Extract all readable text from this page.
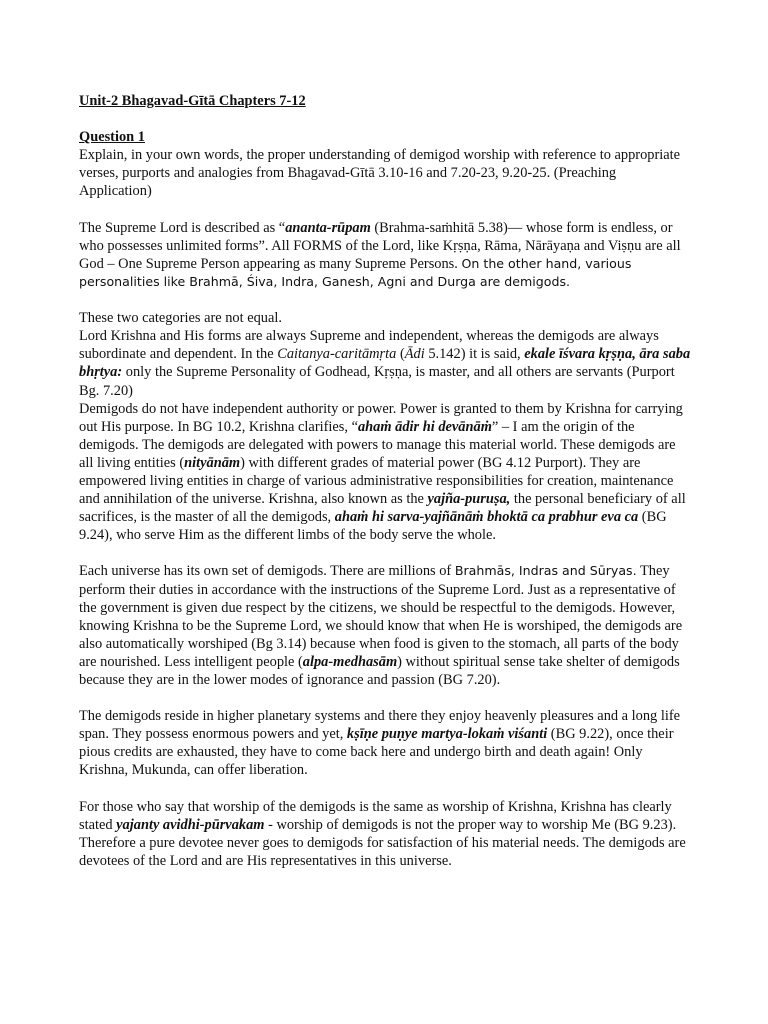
Unit-2 Bhagavad-Gītā Chapters 7-12

Question 1

Explain, in your own words, the proper understanding of demigod worship with reference to appropriate verses, purports and analogies from Bhagavad-Gītā 3.10-16 and 7.20-23, 9.20-25. (Preaching Application)

The Supreme Lord is described as “ananta-rūpam (Brahma-saṁhitā 5.38)— whose form is endless, or who possesses unlimited forms”. All FORMS of the Lord, like Kṛṣṇa, Rāma, Nārāyaṇa and Viṣṇu are all God – One Supreme Person appearing as many Supreme Persons. On the other hand, various personalities like Brahmā, Śiva, Indra, Ganesh, Agni and Durga are demigods.

These two categories are not equal.

Lord Krishna and His forms are always Supreme and independent, whereas the demigods are always subordinate and dependent. In the Caitanya-caritāmṛta (Ādi 5.142) it is said, ekale īśvara kṛṣṇa, āra saba bhṛtya: only the Supreme Personality of Godhead, Kṛṣṇa, is master, and all others are servants (Purport Bg. 7.20)

Demigods do not have independent authority or power. Power is granted to them by Krishna for carrying out His purpose. In BG 10.2, Krishna clarifies, “ahaṁ ādir hi devānāṁ” – I am the origin of the demigods. The demigods are delegated with powers to manage this material world. These demigods are all living entities (nityānām) with different grades of material power (BG 4.12 Purport). They are empowered living entities in charge of various administrative responsibilities for creation, maintenance and annihilation of the universe. Krishna, also known as the yajña-puruṣa, the personal beneficiary of all sacrifices, is the master of all the demigods, ahaṁ hi sarva-yajñānāṁ bhoktā ca prabhur eva ca (BG 9.24), who serve Him as the different limbs of the body serve the whole.

Each universe has its own set of demigods. There are millions of Brahmās, Indras and Sūryas. They perform their duties in accordance with the instructions of the Supreme Lord. Just as a representative of the government is given due respect by the citizens, we should be respectful to the demigods. However, knowing Krishna to be the Supreme Lord, we should know that when He is worshiped, the demigods are also automatically worshiped (Bg 3.14) because when food is given to the stomach, all parts of the body are nourished. Less intelligent people (alpa-medhasām) without spiritual sense take shelter of demigods because they are in the lower modes of ignorance and passion (BG 7.20).

The demigods reside in higher planetary systems and there they enjoy heavenly pleasures and a long life span. They possess enormous powers and yet, kṣīṇe puṇye martya-lokaṁ viśanti (BG 9.22), once their pious credits are exhausted, they have to come back here and undergo birth and death again! Only Krishna, Mukunda, can offer liberation.

For those who say that worship of the demigods is the same as worship of Krishna, Krishna has clearly stated yajanty avidhi-pūrvakam - worship of demigods is not the proper way to worship Me (BG 9.23). Therefore a pure devotee never goes to demigods for satisfaction of his material needs. The demigods are devotees of the Lord and are His representatives in this universe.
